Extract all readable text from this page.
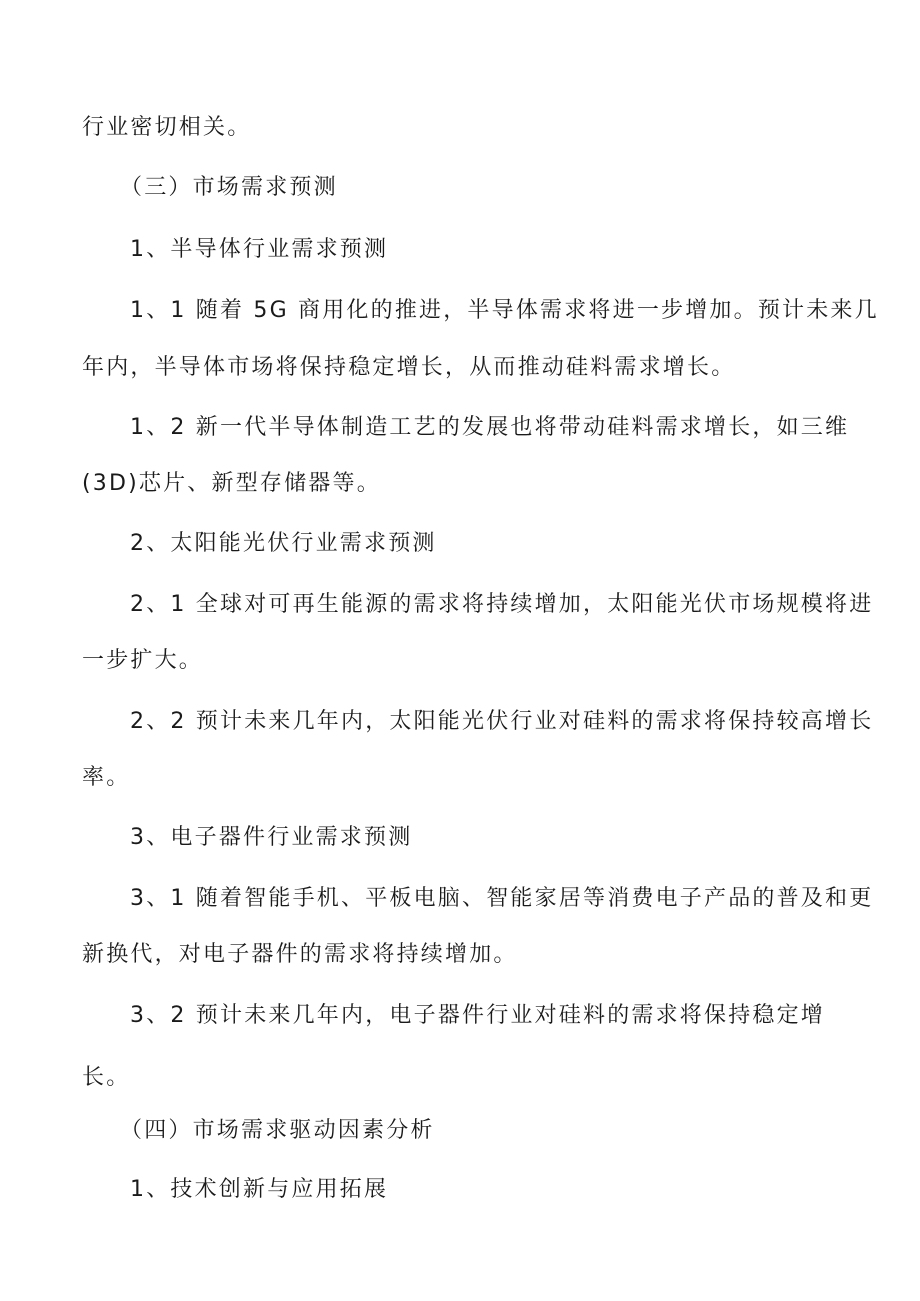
行业密切相关。
（三）市场需求预测
1、半导体行业需求预测
1、1 随着 5G 商用化的推进，半导体需求将进一步增加。预计未来几
年内，半导体市场将保持稳定增长，从而推动硅料需求增长。
1、2 新一代半导体制造工艺的发展也将带动硅料需求增长，如三维
(3D)芯片、新型存储器等。
2、太阳能光伏行业需求预测
2、1 全球对可再生能源的需求将持续增加，太阳能光伏市场规模将进
一步扩大。
2、2 预计未来几年内，太阳能光伏行业对硅料的需求将保持较高增长
率。
3、电子器件行业需求预测
3、1 随着智能手机、平板电脑、智能家居等消费电子产品的普及和更
新换代，对电子器件的需求将持续增加。
3、2 预计未来几年内，电子器件行业对硅料的需求将保持稳定增
长。
（四）市场需求驱动因素分析
1、技术创新与应用拓展
